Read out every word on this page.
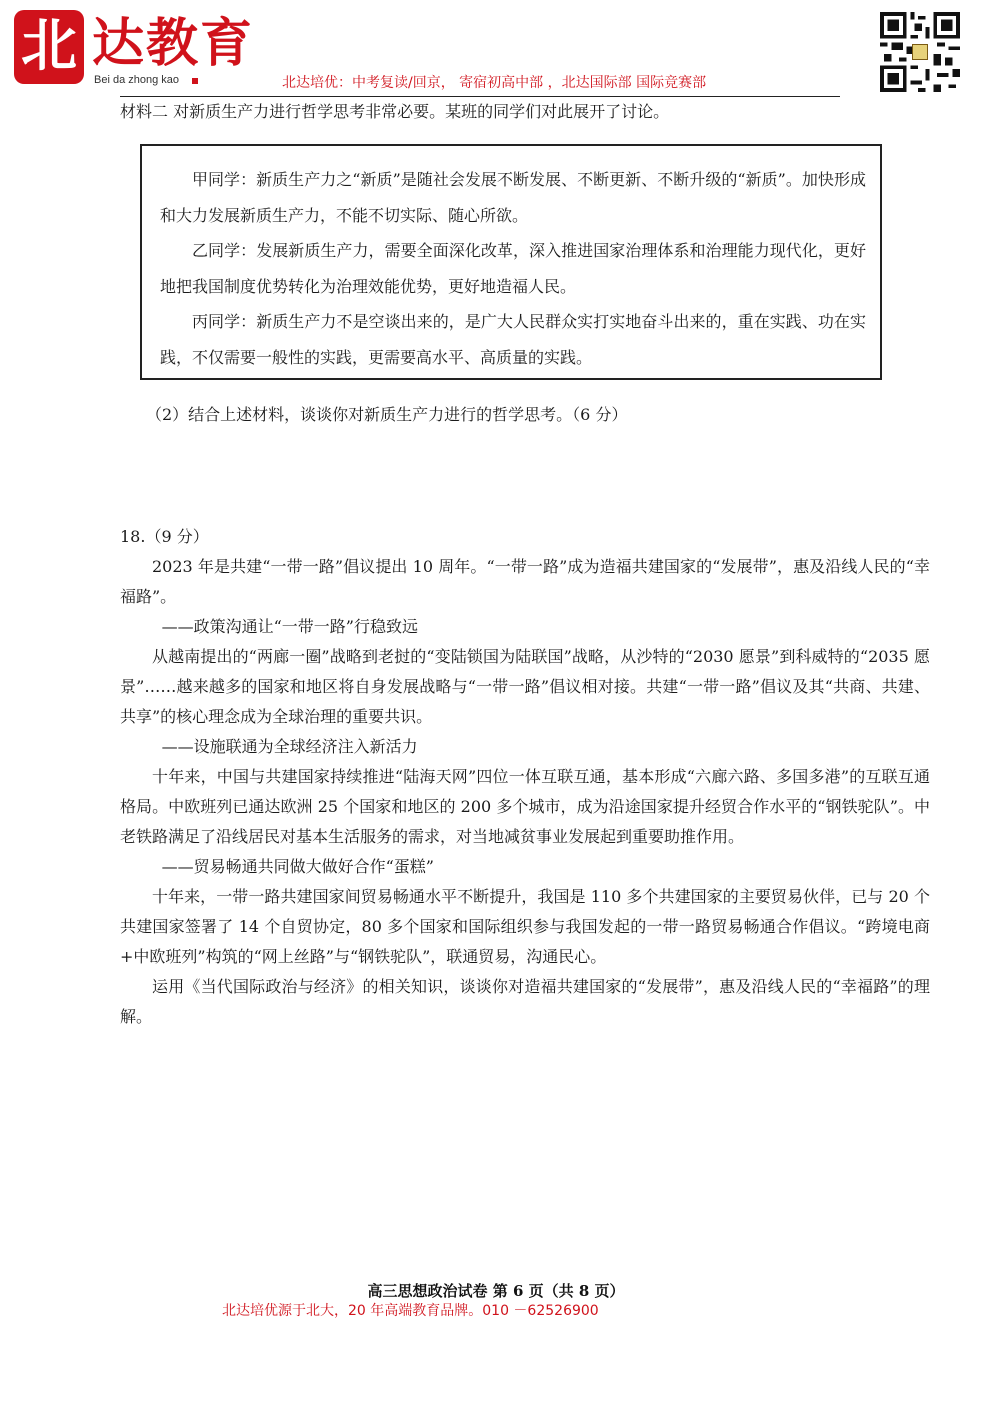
北 达教育
Bei da zhong kao	北达培优：中考复读/回京， 寄宿初高中部 ，北达国际部 国际竞赛部
材料二 对新质生产力进行哲学思考非常必要。某班的同学们对此展开了讨论。

甲同学：新质生产力之“新质”是随社会发展不断发展、不断更新、不断升级的“新质”。加快形成和大力发展新质生产力，不能不切实际、随心所欲。

乙同学：发展新质生产力，需要全面深化改革，深入推进国家治理体系和治理能力现代化，更好地把我国制度优势转化为治理效能优势，更好地造福人民。

丙同学：新质生产力不是空谈出来的，是广大人民群众实打实地奋斗出来的，重在实践、功在实践，不仅需要一般性的实践，更需要高水平、高质量的实践。

（2）结合上述材料，谈谈你对新质生产力进行的哲学思考。（6 分）

18.（9 分）

2023 年是共建“一带一路”倡议提出 10 周年。“一带一路”成为造福共建国家的“发展带”，惠及沿线人民的“幸福路”。

——政策沟通让“一带一路”行稳致远

从越南提出的“两廊一圈”战略到老挝的“变陆锁国为陆联国”战略，从沙特的“2030 愿景”到科威特的“2035 愿景”……越来越多的国家和地区将自身发展战略与“一带一路”倡议相对接。共建“一带一路”倡议及其“共商、共建、共享”的核心理念成为全球治理的重要共识。

——设施联通为全球经济注入新活力

十年来，中国与共建国家持续推进“陆海天网”四位一体互联互通，基本形成“六廊六路、多国多港”的互联互通格局。中欧班列已通达欧洲 25 个国家和地区的 200 多个城市，成为沿途国家提升经贸合作水平的“钢铁驼队”。中老铁路满足了沿线居民对基本生活服务的需求，对当地减贫事业发展起到重要助推作用。

——贸易畅通共同做大做好合作“蛋糕”

十年来，一带一路共建国家间贸易畅通水平不断提升，我国是 110 多个共建国家的主要贸易伙伴，已与 20 个共建国家签署了 14 个自贸协定，80 多个国家和国际组织参与我国发起的一带一路贸易畅通合作倡议。“跨境电商+中欧班列”构筑的“网上丝路”与“钢铁驼队”，联通贸易，沟通民心。

运用《当代国际政治与经济》的相关知识，谈谈你对造福共建国家的“发展带”，惠及沿线人民的“幸福路”的理解。

高三思想政治试卷 第 6 页（共 8 页）
北达培优源于北大，20 年高端教育品牌。010 －62526900
